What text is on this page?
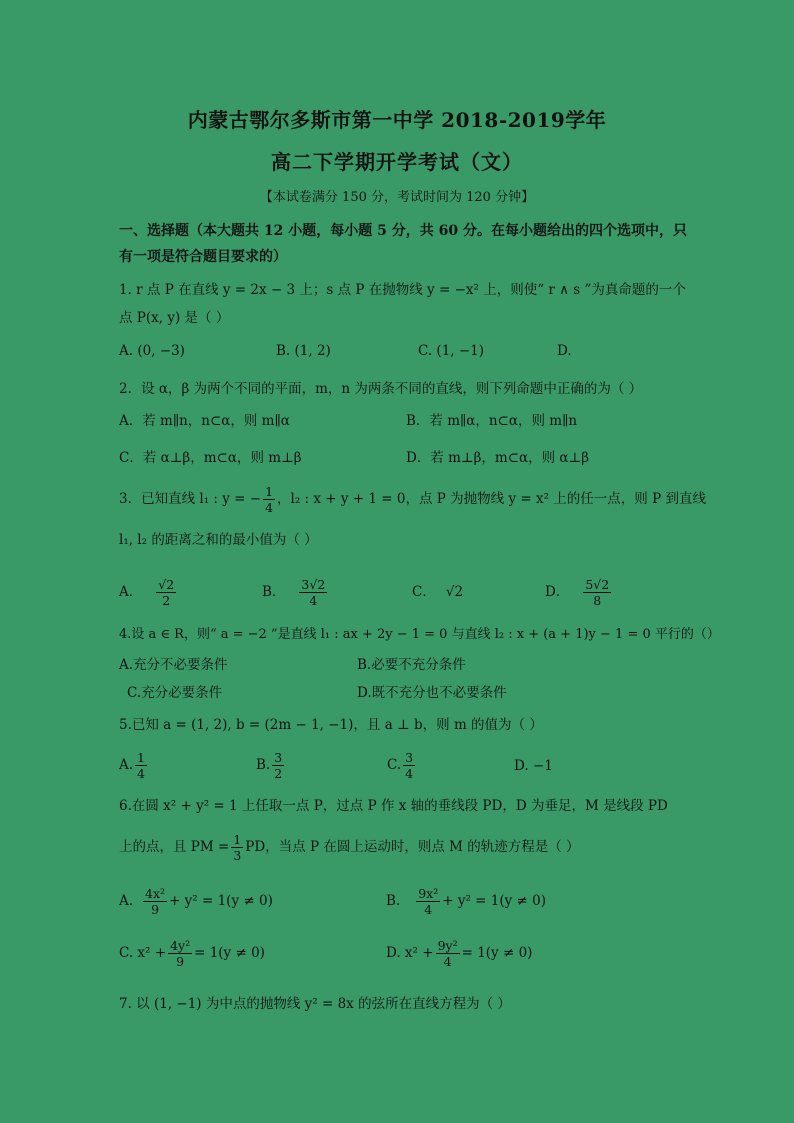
内蒙古鄂尔多斯市第一中学 2018-2019学年
高二下学期开学考试（文）
【本试卷满分 150 分，考试时间为 120 分钟】
一、选择题（本大题共 12 小题，每小题 5 分，共 60 分。在每小题给出的四个选项中，只
有一项是符合题目要求的）
1. r 点 P 在直线 y = 2x − 3 上；s 点 P 在抛物线 y = −x² 上，则使“ r ∧ s ”为真命题的一个
点 P(x, y) 是（ ）
A. (0, −3)	B. (1, 2)	C. (1, −1)	D.
2．设 α，β 为两个不同的平面，m，n 为两条不同的直线，则下列命题中正确的为（ ）
A．若 m∥n，n⊂α，则 m∥α	B．若 m∥α，n⊂α，则 m∥n
C．若 α⊥β，m⊂α，则 m⊥β	D．若 m⊥β，m⊂α，则 α⊥β
3．已知直线 l₁ : y = − $\frac{1}{4}$ ，l₂ : x + y + 1 = 0，点 P 为抛物线 y = x² 上的任一点，则 P 到直线
l₁, l₂ 的距离之和的最小值为（ ）
A． $\frac{√2}{2}$	B． $\frac{3√2}{4}$	C． √2	D． $\frac{5√2}{8}$
4.设 a ∈ R，则“ a = −2 ”是直线 l₁ : ax + 2y − 1 = 0 与直线 l₂ : x + (a + 1)y − 1 = 0 平行的（）
A.充分不必要条件	B.必要不充分条件
C.充分必要条件	D.既不充分也不必要条件
5.已知 a = (1, 2), b = (2m − 1, −1)，且 a ⊥ b，则 m 的值为（ ）
A. $\frac{1}{4}$	B. $\frac{3}{2}$	C. $\frac{3}{4}$	D. −1
6.在圆 x² + y² = 1 上任取一点 P，过点 P 作 x 轴的垂线段 PD，D 为垂足，M 是线段 PD
上的点，且 PM = $\frac{1}{3}$ PD，当点 P 在圆上运动时，则点 M 的轨迹方程是（ ）
A. $\frac{\text{4x²}}{9} + y^2 = 1(y \ne 0)$	B. $\frac{\text{9x²}}{4} + y^2 = 1(y \ne 0)$
C. $x^2 + \frac{\text{4y²}}{9} = 1(y \ne 0)$	D. $x^2 + \frac{\text{9y²}}{4} = 1(y \ne 0)$
7. 以 (1, −1) 为中点的抛物线 y² = 8x 的弦所在直线方程为（ ）
